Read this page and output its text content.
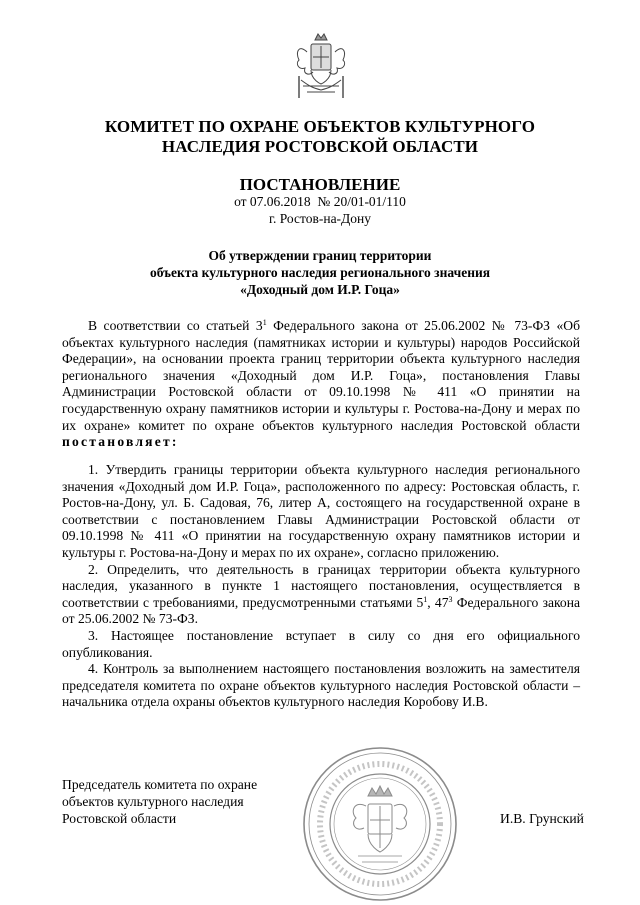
КОМИТЕТ ПО ОХРАНЕ ОБЪЕКТОВ КУЛЬТУРНОГО
НАСЛЕДИЯ РОСТОВСКОЙ ОБЛАСТИ
ПОСТАНОВЛЕНИЕ
от 07.06.2018 № 20/01-01/110
г. Ростов-на-Дону
Об утверждении границ территории
объекта культурного наследия регионального значения
«Доходный дом И.Р. Гоца»

В соответствии со статьей $3^1$ Федерального закона от 25.06.2002 № 73-ФЗ «Об объектах культурного наследия (памятниках истории и культуры) народов Российской Федерации», на основании проекта границ территории объекта культурного наследия регионального значения «Доходный дом И.Р. Гоца», постановления Главы Администрации Ростовской области от 09.10.1998 № 411 «О принятии на государственную охрану памятников истории и культуры г. Ростова-на-Дону и мерах по их охране» комитет по охране объектов культурного наследия Ростовской области постановляет:

1. Утвердить границы территории объекта культурного наследия регионального значения «Доходный дом И.Р. Гоца», расположенного по адресу: Ростовская область, г. Ростов-на-Дону, ул. Б. Садовая, 76, литер А, состоящего на государственной охране в соответствии с постановлением Главы Администрации Ростовской области от 09.10.1998 № 411 «О принятии на государственную охрану памятников истории и культуры г. Ростова-на-Дону и мерах по их охране», согласно приложению.

2. Определить, что деятельность в границах территории объекта культурного наследия, указанного в пункте 1 настоящего постановления, осуществляется в соответствии с требованиями, предусмотренными статьями $5^1$, $47^3$ Федерального закона от 25.06.2002 № 73-ФЗ.

3. Настоящее постановление вступает в силу со дня его официального опубликования.

4. Контроль за выполнением настоящего постановления возложить на заместителя председателя комитета по охране объектов культурного наследия Ростовской области – начальника отдела охраны объектов культурного наследия Коробову И.В.

Председатель комитета по охране
объектов культурного наследия
Ростовской области	И.В. Грунский
